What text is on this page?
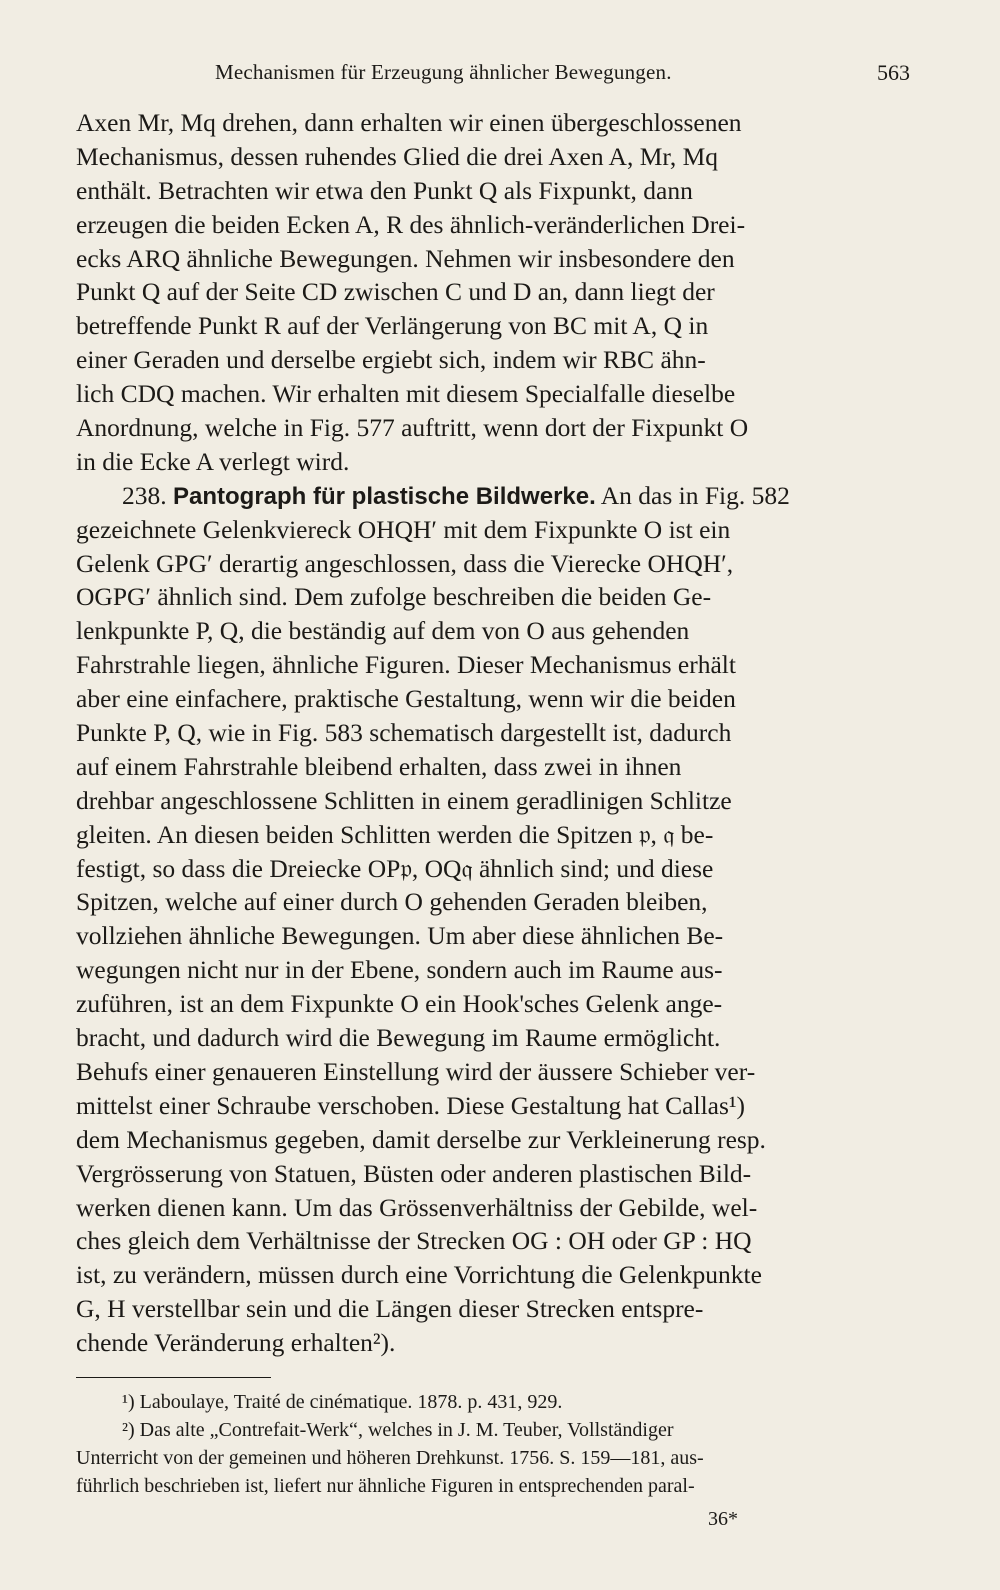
Mechanismen für Erzeugung ähnlicher Bewegungen.	563
Axen Mr, Mq drehen, dann erhalten wir einen übergeschlossenen
Mechanismus, dessen ruhendes Glied die drei Axen A, Mr, Mq
enthält. Betrachten wir etwa den Punkt Q als Fixpunkt, dann
erzeugen die beiden Ecken A, R des ähnlich-veränderlichen Drei-
ecks ARQ ähnliche Bewegungen. Nehmen wir insbesondere den
Punkt Q auf der Seite CD zwischen C und D an, dann liegt der
betreffende Punkt R auf der Verlängerung von BC mit A, Q in
einer Geraden und derselbe ergiebt sich, indem wir RBC ähn-
lich CDQ machen. Wir erhalten mit diesem Specialfalle dieselbe
Anordnung, welche in Fig. 577 auftritt, wenn dort der Fixpunkt O
in die Ecke A verlegt wird.
238. Pantograph für plastische Bildwerke. An das in Fig. 582
gezeichnete Gelenkviereck OHQH′ mit dem Fixpunkte O ist ein
Gelenk GPG′ derartig angeschlossen, dass die Vierecke OHQH′,
OGPG′ ähnlich sind. Dem zufolge beschreiben die beiden Ge-
lenkpunkte P, Q, die beständig auf dem von O aus gehenden
Fahrstrahle liegen, ähnliche Figuren. Dieser Mechanismus erhält
aber eine einfachere, praktische Gestaltung, wenn wir die beiden
Punkte P, Q, wie in Fig. 583 schematisch dargestellt ist, dadurch
auf einem Fahrstrahle bleibend erhalten, dass zwei in ihnen
drehbar angeschlossene Schlitten in einem geradlinigen Schlitze
gleiten. An diesen beiden Schlitten werden die Spitzen 𝔭, 𝔮 be-
festigt, so dass die Dreiecke OP𝔭, OQ𝔮 ähnlich sind; und diese
Spitzen, welche auf einer durch O gehenden Geraden bleiben,
vollziehen ähnliche Bewegungen. Um aber diese ähnlichen Be-
wegungen nicht nur in der Ebene, sondern auch im Raume aus-
zuführen, ist an dem Fixpunkte O ein Hook'sches Gelenk ange-
bracht, und dadurch wird die Bewegung im Raume ermöglicht.
Behufs einer genaueren Einstellung wird der äussere Schieber ver-
mittelst einer Schraube verschoben. Diese Gestaltung hat Callas¹)
dem Mechanismus gegeben, damit derselbe zur Verkleinerung resp.
Vergrösserung von Statuen, Büsten oder anderen plastischen Bild-
werken dienen kann. Um das Grössenverhältniss der Gebilde, wel-
ches gleich dem Verhältnisse der Strecken OG : OH oder GP : HQ
ist, zu verändern, müssen durch eine Vorrichtung die Gelenkpunkte
G, H verstellbar sein und die Längen dieser Strecken entspre-
chende Veränderung erhalten²).
¹) Laboulaye, Traité de cinématique. 1878. p. 431, 929.
²) Das alte „Contrefait-Werk“, welches in J. M. Teuber, Vollständiger
Unterricht von der gemeinen und höheren Drehkunst. 1756. S. 159—181, aus-
führlich beschrieben ist, liefert nur ähnliche Figuren in entsprechenden paral-
36*
